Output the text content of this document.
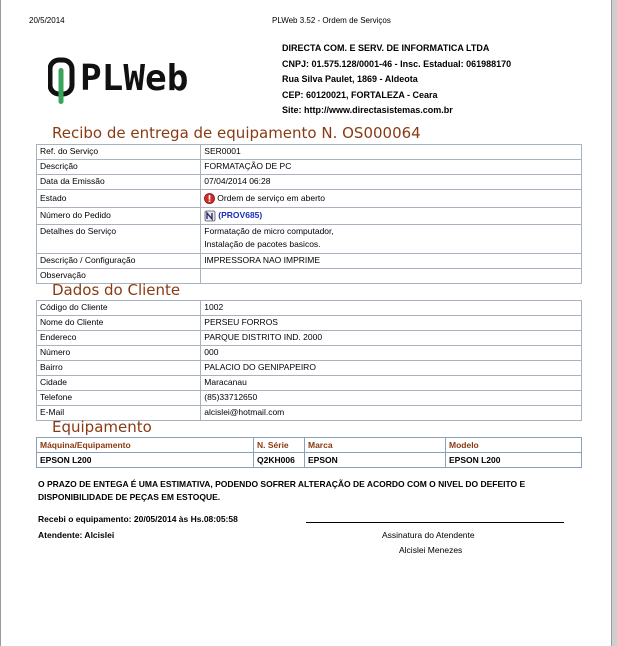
20/5/2014	PLWeb 3.52 - Ordem de Serviços
PLWeb
DIRECTA COM. E SERV. DE INFORMATICA LTDA
CNPJ: 01.575.128/0001-46 - Insc. Estadual: 061988170
Rua Silva Paulet, 1869 - Aldeota
CEP: 60120021, FORTALEZA - Ceara
Site: http://www.directasistemas.com.br
Recibo de entrega de equipamento N. OS000064
Ref. do Serviço	SER0001
Descrição	FORMATAÇÃO DE PC
Data da Emissão	07/04/2014 06:28
Estado	Ordem de serviço em aberto
Número do Pedido	(PROV685)
Detalhes do Serviço	Formatação de micro computador,
Instalação de pacotes basicos.

Descrição / Configuração	IMPRESSORA NAO IMPRIME
Observação	
Dados do Cliente
Código do Cliente	1002
Nome do Cliente	PERSEU FORROS
Endereco	PARQUE DISTRITO IND. 2000
Número	000
Bairro	PALACIO DO GENIPAPEIRO
Cidade	Maracanau
Telefone	(85)33712650
E-Mail	alcislei@hotmail.com
Equipamento
Máquina/Equipamento	N. Série	Marca	Modelo
EPSON L200	Q2KH006	EPSON	EPSON L200
O PRAZO DE ENTEGA É UMA ESTIMATIVA, PODENDO SOFRER ALTERAÇÃO DE ACORDO COM O NIVEL DO DEFEITO E DISPONIBILIDADE DE PEÇAS EM ESTOQUE.
Recebi o equipamento: 20/05/2014 às Hs.08:05:58
Atendente: Alcislei	Assinatura do Atendente
Alcislei Menezes
